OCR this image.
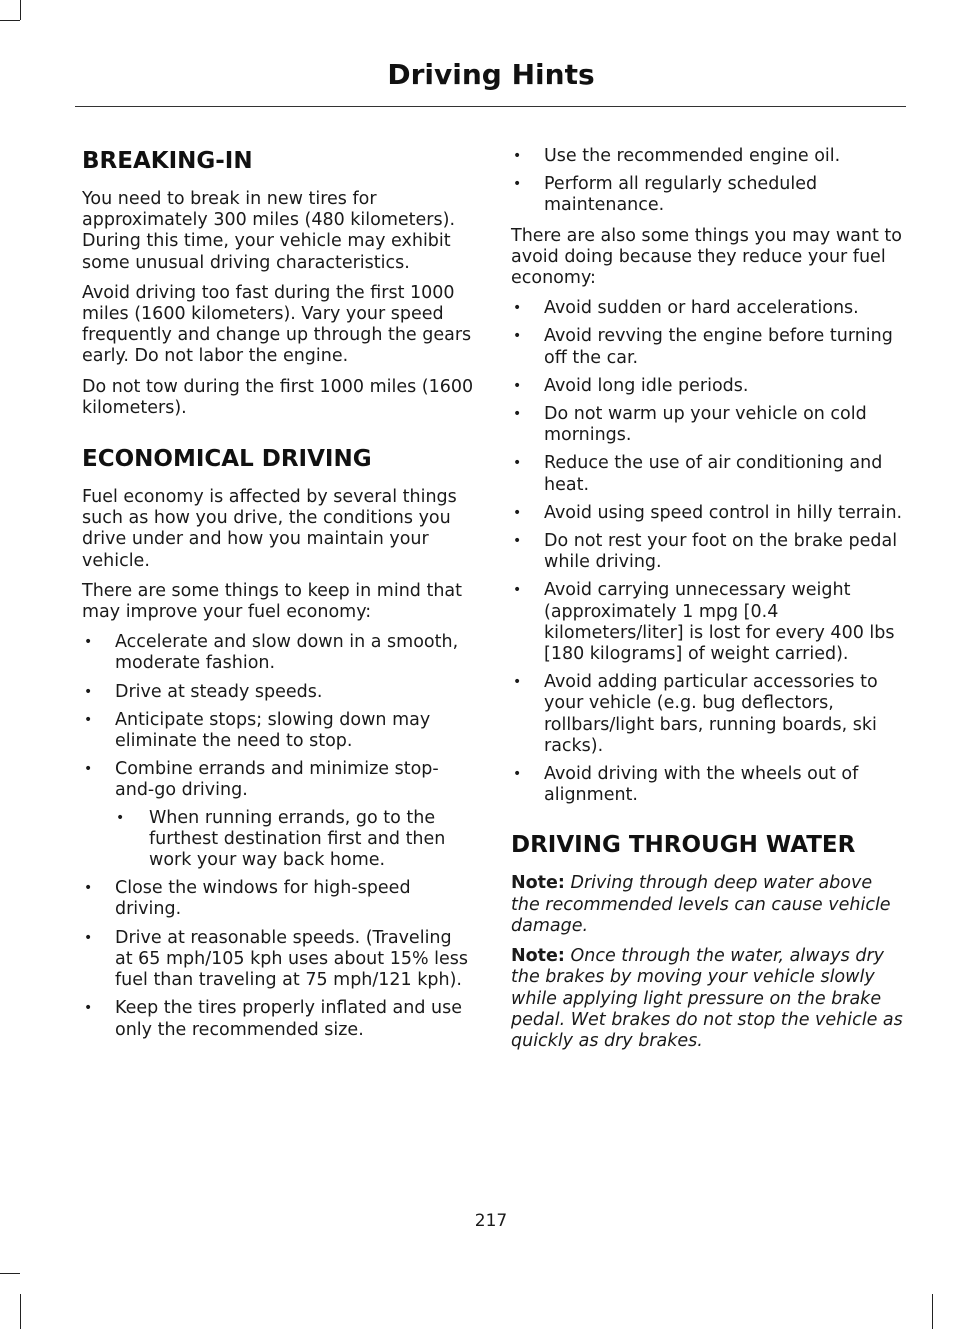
Driving Hints
BREAKING-IN

You need to break in new tires for approximately 300 miles (480 kilometers). During this time, your vehicle may exhibit some unusual driving characteristics.

Avoid driving too fast during the first 1000 miles (1600 kilometers). Vary your speed frequently and change up through the gears early. Do not labor the engine.

Do not tow during the first 1000 miles (1600 kilometers).

ECONOMICAL DRIVING

Fuel economy is affected by several things such as how you drive, the conditions you drive under and how you maintain your vehicle.

There are some things to keep in mind that may improve your fuel economy:

• Accelerate and slow down in a smooth, moderate fashion.
• Drive at steady speeds.
• Anticipate stops; slowing down may eliminate the need to stop.
• Combine errands and minimize stop-and-go driving.
• When running errands, go to the furthest destination first and then work your way back home.
• Close the windows for high-speed driving.
• Drive at reasonable speeds. (Traveling at 65 mph/105 kph uses about 15% less fuel than traveling at 75 mph/121 kph).
• Keep the tires properly inflated and use only the recommended size.
• Use the recommended engine oil.
• Perform all regularly scheduled maintenance.

There are also some things you may want to avoid doing because they reduce your fuel economy:

• Avoid sudden or hard accelerations.
• Avoid revving the engine before turning off the car.
• Avoid long idle periods.
• Do not warm up your vehicle on cold mornings.
• Reduce the use of air conditioning and heat.
• Avoid using speed control in hilly terrain.
• Do not rest your foot on the brake pedal while driving.
• Avoid carrying unnecessary weight (approximately 1 mpg [0.4 kilometers/liter] is lost for every 400 lbs [180 kilograms] of weight carried).
• Avoid adding particular accessories to your vehicle (e.g. bug deflectors, rollbars/light bars, running boards, ski racks).
• Avoid driving with the wheels out of alignment.
DRIVING THROUGH WATER

Note: Driving through deep water above the recommended levels can cause vehicle damage.

Note: Once through the water, always dry the brakes by moving your vehicle slowly while applying light pressure on the brake pedal. Wet brakes do not stop the vehicle as quickly as dry brakes.

217
